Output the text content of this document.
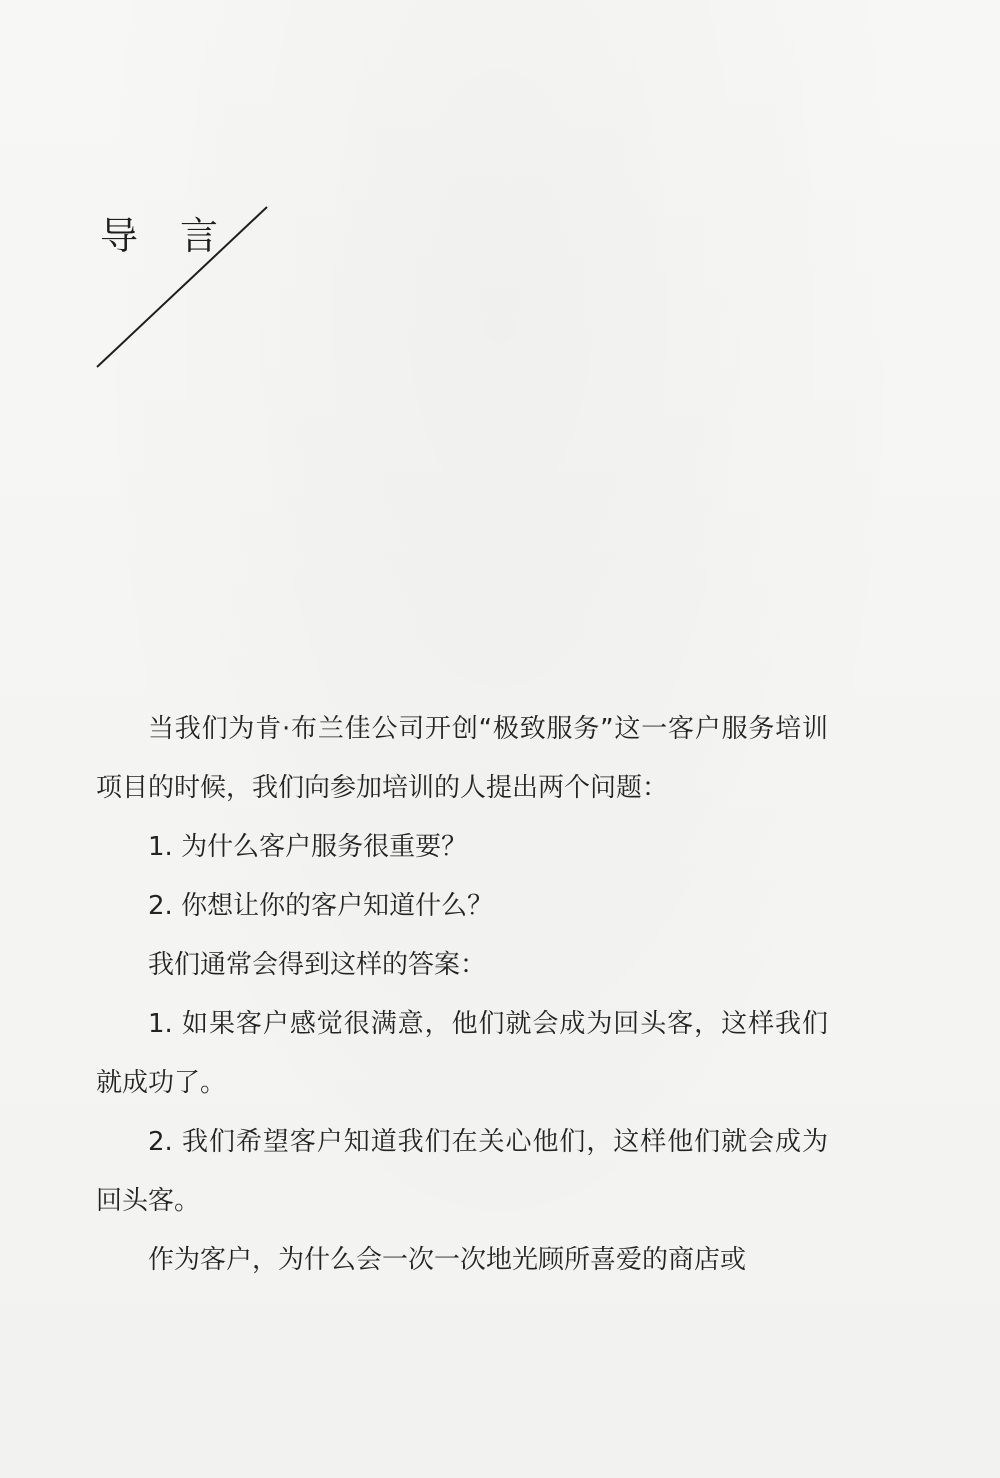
导言

当我们为肯·布兰佳公司开创“极致服务”这一客户服务培训项目的时候，我们向参加培训的人提出两个问题：

1. 为什么客户服务很重要？

2. 你想让你的客户知道什么？

我们通常会得到这样的答案：

1. 如果客户感觉很满意，他们就会成为回头客，这样我们就成功了。

2. 我们希望客户知道我们在关心他们，这样他们就会成为回头客。

作为客户，为什么会一次一次地光顾所喜爱的商店或
